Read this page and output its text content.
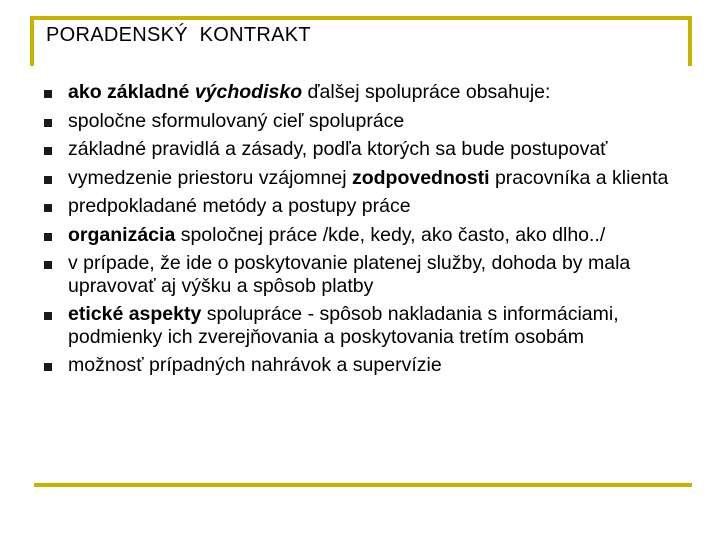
PORADENSKÝ  KONTRAKT
ako základné východisko ďalšej spolupráce obsahuje:
spoločne sformulovaný cieľ spolupráce
základné pravidlá a zásady, podľa ktorých sa bude postupovať
vymedzenie priestoru vzájomnej zodpovednosti pracovníka a klienta
predpokladané metódy a postupy práce
organizácia spoločnej práce /kde, kedy, ako často, ako dlho../
v prípade, že ide o poskytovanie platenej služby, dohoda by mala upravovať aj výšku a spôsob platby
etické aspekty spolupráce - spôsob nakladania s informáciami, podmienky ich zverejňovania a poskytovania tretím osobám
možnosť prípadných nahrávok a supervízie
